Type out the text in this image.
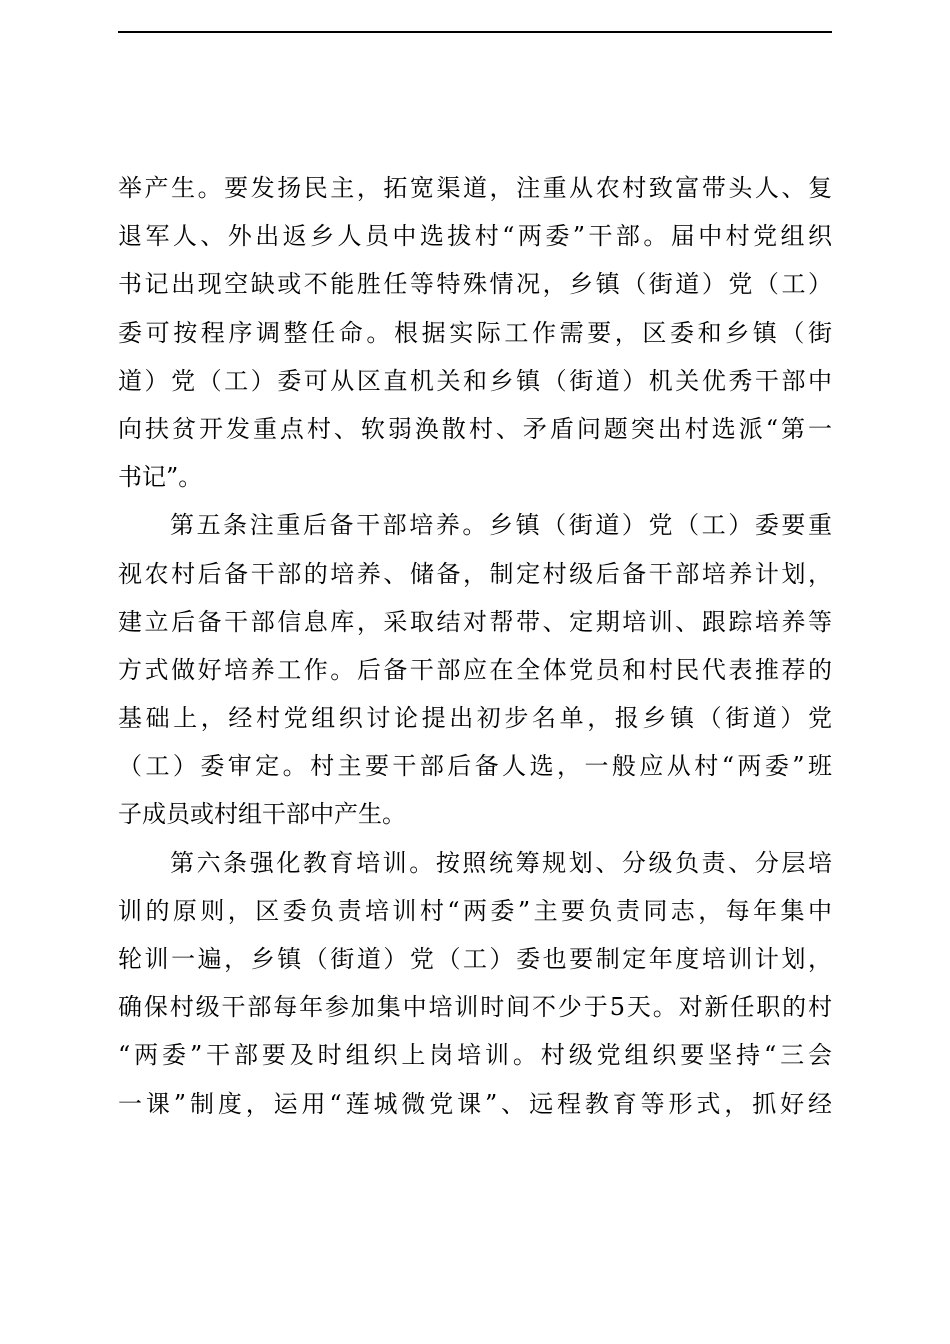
举产生。要发扬民主，拓宽渠道，注重从农村致富带头人、复
退军人、外出返乡人员中选拔村“两委”干部。届中村党组织
书记出现空缺或不能胜任等特殊情况，乡镇（街道）党（工）
委可按程序调整任命。根据实际工作需要，区委和乡镇（街
道）党（工）委可从区直机关和乡镇（街道）机关优秀干部中
向扶贫开发重点村、软弱涣散村、矛盾问题突出村选派“第一
书记”。
第五条注重后备干部培养。乡镇（街道）党（工）委要重
视农村后备干部的培养、储备，制定村级后备干部培养计划，
建立后备干部信息库，采取结对帮带、定期培训、跟踪培养等
方式做好培养工作。后备干部应在全体党员和村民代表推荐的
基础上，经村党组织讨论提出初步名单，报乡镇（街道）党
（工）委审定。村主要干部后备人选，一般应从村“两委”班
子成员或村组干部中产生。
第六条强化教育培训。按照统筹规划、分级负责、分层培
训的原则，区委负责培训村“两委”主要负责同志，每年集中
轮训一遍，乡镇（街道）党（工）委也要制定年度培训计划，
确保村级干部每年参加集中培训时间不少于5天。对新任职的村
“两委”干部要及时组织上岗培训。村级党组织要坚持“三会
一课”制度，运用“莲城微党课”、远程教育等形式，抓好经
